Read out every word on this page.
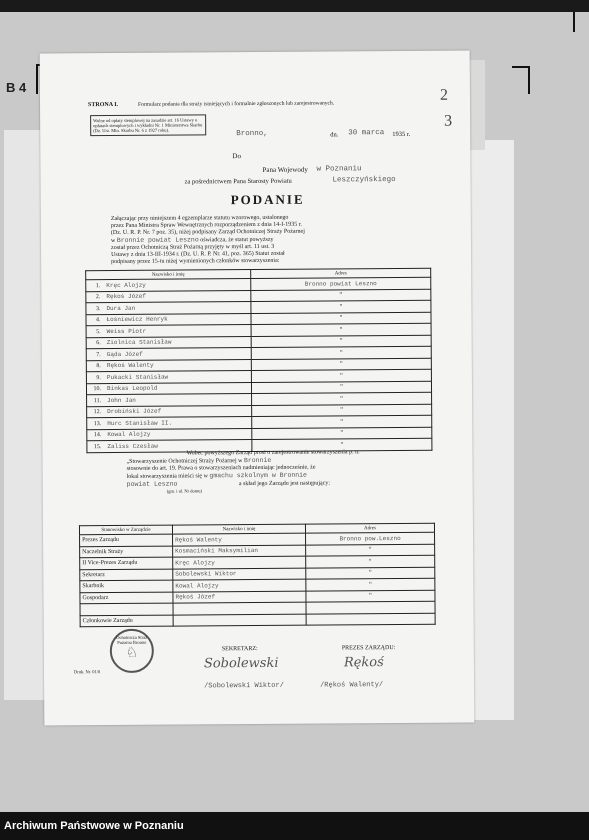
B 4
STRONA I.	Formularz podania dla straży istniejących i formalnie zgłoszonych lub zarejestrowanych.
2
3
Wolne od opłaty stemplowej na zasadzie art. 16 Ustawy o opłatach stemplowych i wykładni Nr. 1 Ministerstwa Skarbu (Dz. Urz. Min. Skarbu Nr. 6 z 1927 roku).	Bronno,	dn. 30 marca 1935 r.
Do
Pana Wojewody w Poznaniu
za pośrednictwem Pana Starosty Powiatu	Leszczyńskiego
PODANIE
Załączając przy niniejszem 4 egzemplarze statutu wzorowego, ustalonego
przez Pana Ministra Spraw Wewnętrznych rozporządzeniem z dnia 14-I-1935 r.
(Dz. U. R. P. Nr. 7 poz. 35), niżej podpisany Zarząd Ochotniczej Straży Pożarnej
w Bronnie powiat Leszno oświadcza, że statut powyższy
został przez Ochotniczą Straż Pożarną przyjęty w myśl art. 11 ust. 3
Ustawy z dnia 13-III-1934 r. (Dz. U. R. P. Nr. 41, poz. 365) Statut został
podpisany przez 15-tu niżej wymienionych członków stowarzyszenia:
Nazwisko i imię	Adres
1. Kręc Alojzy	Bronno powiat Leszno
2. Rękoś Józef	"
3. Dura Jan	"
4. Łośniewicz Henryk	"
5. Weiss Piotr	"
6. Ziolnica Stanisław	"
7. Gąda Józef	"
8. Rękoś Walenty	"
9. Pukacki Stanisław	"
10. Binkas Leopold	"
11. John Jan	"
12. Drobiński Józef	"
13. Hurc Stanisław II.	"
14. Kowal Alojzy	"
15. Zaliss Czesław	"
Wobec powyższego Zarząd prosi o zarejestrowanie stowarzyszenia p. n.
„Stowarzyszenie Ochotniczej Straży Pożarnej w Bronnie
stosownie do art. 19. Prawa o stowarzyszeniach nadmieniając jednocześnie, że
lokal stowarzyszenia mieści się w gmachu szkolnym w Bronnie
powiat Leszno	a skład jego Zarządu jest następujący:
(gm. i ul. Nr domu)
Stanowisko w Zarządzie	Nazwisko i imię	Adres
Prezes Zarządu	Rękoś Walenty	Bronno pow.Leszno
Naczelnik Straży	Kosmaciński Maksymilian	"
II Vice-Prezes Zarządu	Kręc Alojzy	"
Sekretarz	Sobolewski Wiktor	"
Skarbnik	Kowal Alojzy	"
Gospodarz	Rękoś Józef	"

Członkowie Zarządu		
Ochotnicza Straż Pożarna Bronno
♘	SEKRETARZ:	PREZES ZARZĄDU:
Sobolewski	Rękoś
/Sobolewski Wiktor/	/Rękoś Walenty/
Druk. Nr. 01/8
Archiwum Państwowe w Poznaniu
